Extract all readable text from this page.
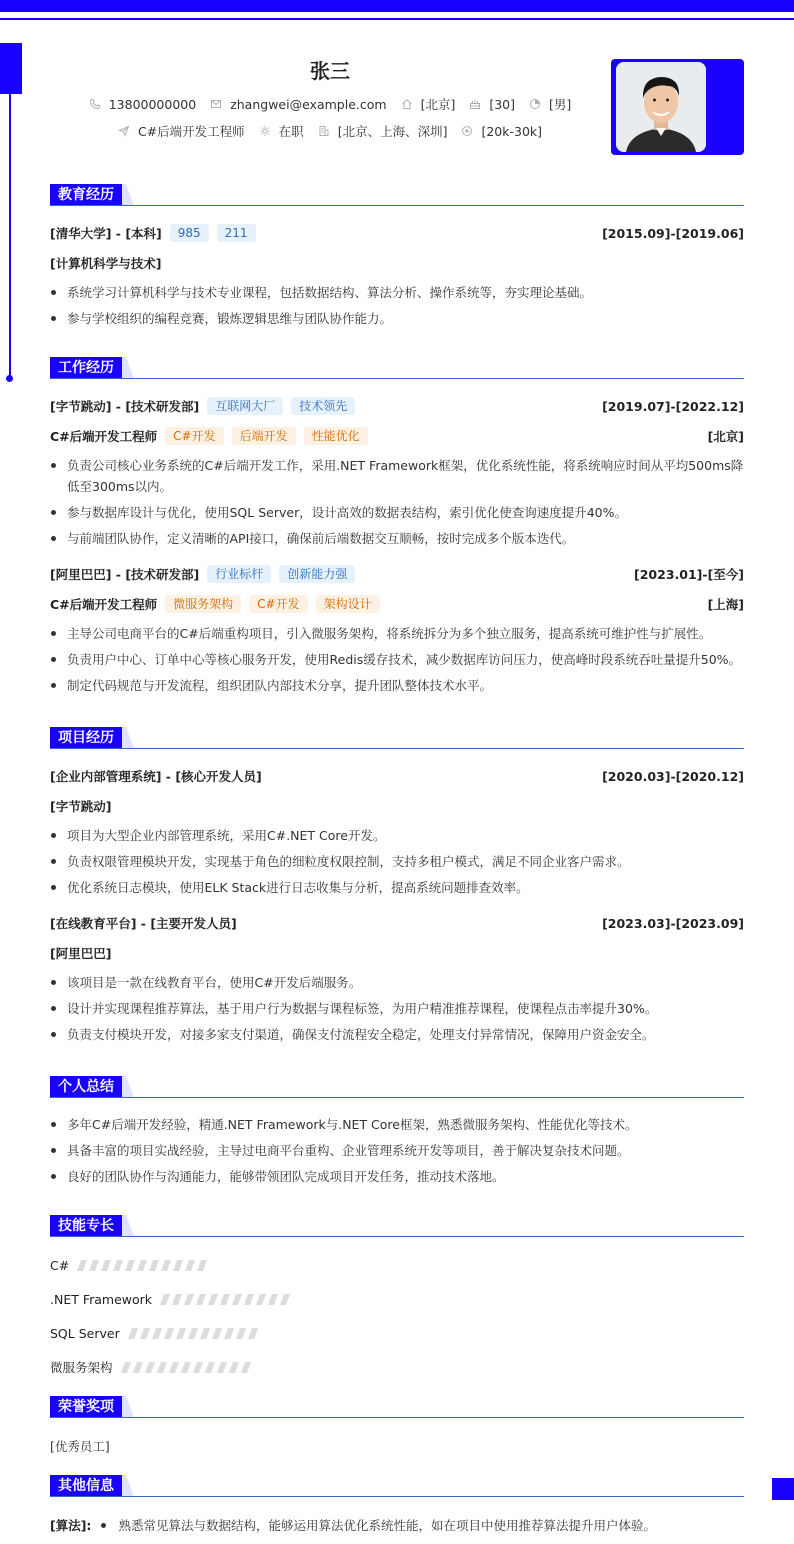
张三
13800000000	zhangwei@example.com	[北京]	[30]	[男]
C#后端开发工程师	在职	[北京、上海、深圳]	[20k-30k]
教育经历
[清华大学] - [本科]	985	211	[2015.09]-[2019.06]
[计算机科学与技术]
系统学习计算机科学与技术专业课程，包括数据结构、算法分析、操作系统等，夯实理论基础。
参与学校组织的编程竞赛，锻炼逻辑思维与团队协作能力。
工作经历
[字节跳动] - [技术研发部]	互联网大厂	技术领先	[2019.07]-[2022.12]
C#后端开发工程师	C#开发	后端开发	性能优化	[北京]
负责公司核心业务系统的C#后端开发工作，采用.NET Framework框架，优化系统性能，将系统响应时间从平均500ms降低至300ms以内。
参与数据库设计与优化，使用SQL Server，设计高效的数据表结构，索引优化使查询速度提升40%。
与前端团队协作，定义清晰的API接口，确保前后端数据交互顺畅，按时完成多个版本迭代。
[阿里巴巴] - [技术研发部]	行业标杆	创新能力强	[2023.01]-[至今]
C#后端开发工程师	微服务架构	C#开发	架构设计	[上海]
主导公司电商平台的C#后端重构项目，引入微服务架构，将系统拆分为多个独立服务，提高系统可维护性与扩展性。
负责用户中心、订单中心等核心服务开发，使用Redis缓存技术，减少数据库访问压力，使高峰时段系统吞吐量提升50%。
制定代码规范与开发流程，组织团队内部技术分享，提升团队整体技术水平。
项目经历
[企业内部管理系统] - [核心开发人员]	[2020.03]-[2020.12]
[字节跳动]
项目为大型企业内部管理系统，采用C#.NET Core开发。
负责权限管理模块开发，实现基于角色的细粒度权限控制，支持多租户模式，满足不同企业客户需求。
优化系统日志模块，使用ELK Stack进行日志收集与分析，提高系统问题排查效率。
[在线教育平台] - [主要开发人员]	[2023.03]-[2023.09]
[阿里巴巴]
该项目是一款在线教育平台，使用C#开发后端服务。
设计并实现课程推荐算法，基于用户行为数据与课程标签，为用户精准推荐课程，使课程点击率提升30%。
负责支付模块开发，对接多家支付渠道，确保支付流程安全稳定，处理支付异常情况，保障用户资金安全。
个人总结
多年C#后端开发经验，精通.NET Framework与.NET Core框架，熟悉微服务架构、性能优化等技术。
具备丰富的项目实战经验，主导过电商平台重构、企业管理系统开发等项目，善于解决复杂技术问题。
良好的团队协作与沟通能力，能够带领团队完成项目开发任务，推动技术落地。
技能专长
C#
.NET Framework
SQL Server
微服务架构
荣誉奖项
[优秀员工]
其他信息
[算法]: 熟悉常见算法与数据结构，能够运用算法优化系统性能，如在项目中使用推荐算法提升用户体验。
